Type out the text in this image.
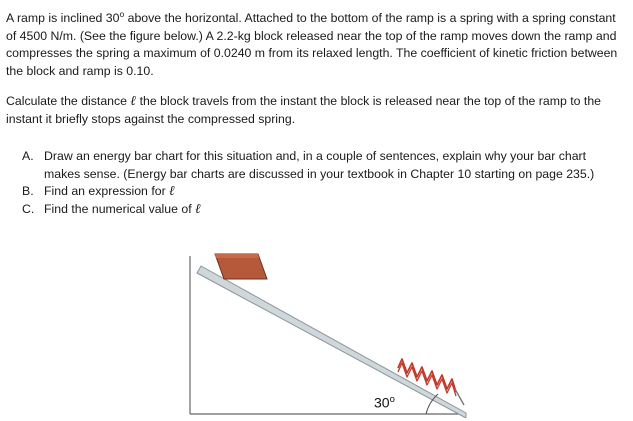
A ramp is inclined 30$^o$ above the horizontal. Attached to the bottom of the ramp is a spring with a spring constant of 4500 N/m. (See the figure below.) A 2.2-kg block released near the top of the ramp moves down the ramp and compresses the spring a maximum of 0.0240 m from its relaxed length. The coefficient of kinetic friction between the block and ramp is 0.10.

Calculate the distance ℓ the block travels from the instant the block is released near the top of the ramp to the instant it briefly stops against the compressed spring.

A. Draw an energy bar chart for this situation and, in a couple of sentences, explain why your bar chart makes sense. (Energy bar charts are discussed in your textbook in Chapter 10 starting on page 235.)
B. Find an expression for ℓ
C. Find the numerical value of ℓ
30$^o$
